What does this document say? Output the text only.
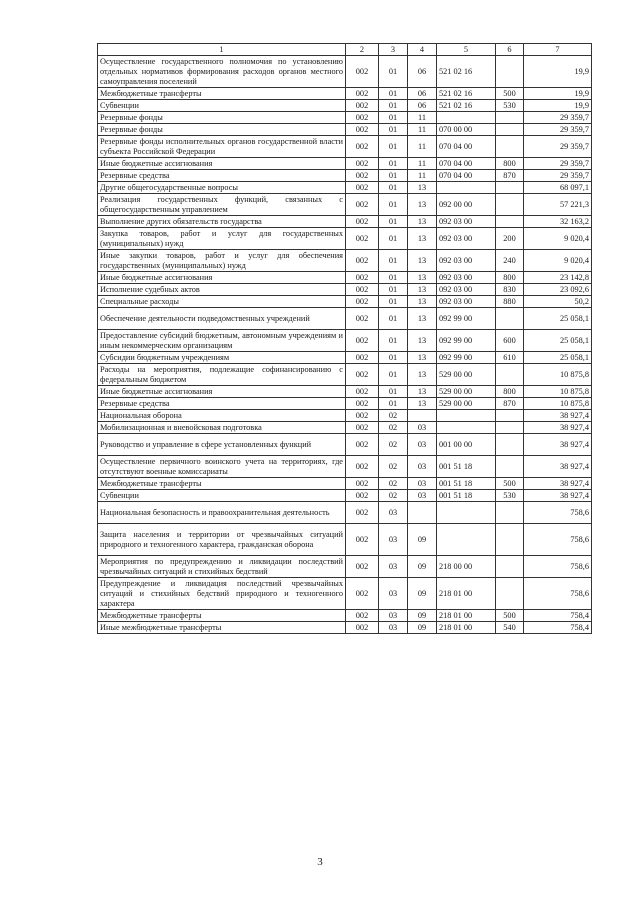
1	2	3	4	5	6	7
Осуществление государственного полномочия по установлению отдельных нормативов формирования расходов органов местного самоуправления поселений	002	01	06	521 02 16		19,9
Межбюджетные трансферты	002	01	06	521 02 16	500	19,9
Субвенции	002	01	06	521 02 16	530	19,9
Резервные фонды	002	01	11			29 359,7
Резервные фонды	002	01	11	070 00 00		29 359,7
Резервные фонды исполнительных органов государственной власти субъекта Российской Федерации	002	01	11	070 04 00		29 359,7
Иные бюджетные ассигнования	002	01	11	070 04 00	800	29 359,7
Резервные средства	002	01	11	070 04 00	870	29 359,7
Другие общегосударственные вопросы	002	01	13			68 097,1
Реализация государственных функций, связанных с общегосударственным управлением	002	01	13	092 00 00		57 221,3
Выполнение других обязательств государства	002	01	13	092 03 00		32 163,2
Закупка товаров, работ и услуг для государственных (муниципальных) нужд	002	01	13	092 03 00	200	9 020,4
Иные закупки товаров, работ и услуг для обеспечения государственных (муниципальных) нужд	002	01	13	092 03 00	240	9 020,4
Иные бюджетные ассигнования	002	01	13	092 03 00	800	23 142,8
Исполнение судебных актов	002	01	13	092 03 00	830	23 092,6
Специальные расходы	002	01	13	092 03 00	880	50,2
Обеспечение деятельности подведомственных учреждений	002	01	13	092 99 00		25 058,1
Предоставление субсидий бюджетным, автономным учреждениям и иным некоммерческим организациям	002	01	13	092 99 00	600	25 058,1
Субсидии бюджетным учреждениям	002	01	13	092 99 00	610	25 058,1
Расходы на мероприятия, подлежащие софинансированию с федеральным бюджетом	002	01	13	529 00 00		10 875,8
Иные бюджетные ассигнования	002	01	13	529 00 00	800	10 875,8
Резервные средства	002	01	13	529 00 00	870	10 875,8
Национальная оборона	002	02				38 927,4
Мобилизационная и вневойсковая подготовка	002	02	03			38 927,4
Руководство и управление в сфере установленных функций	002	02	03	001 00 00		38 927,4
Осуществление первичного воинского учета на территориях, где отсутствуют военные комиссариаты	002	02	03	001 51 18		38 927,4
Межбюджетные трансферты	002	02	03	001 51 18	500	38 927,4
Субвенции	002	02	03	001 51 18	530	38 927,4
Национальная безопасность и правоохранительная деятельность	002	03				758,6
Защита населения и территории от чрезвычайных ситуаций природного и техногенного характера, гражданская оборона	002	03	09			758,6
Мероприятия по предупреждению и ликвидации последствий чрезвычайных ситуаций и стихийных бедствий	002	03	09	218 00 00		758,6
Предупреждение и ликвидация последствий чрезвычайных ситуаций и стихийных бедствий природного и техногенного характера	002	03	09	218 01 00		758,6
Межбюджетные трансферты	002	03	09	218 01 00	500	758,4
Иные межбюджетные трансферты	002	03	09	218 01 00	540	758,4
3
